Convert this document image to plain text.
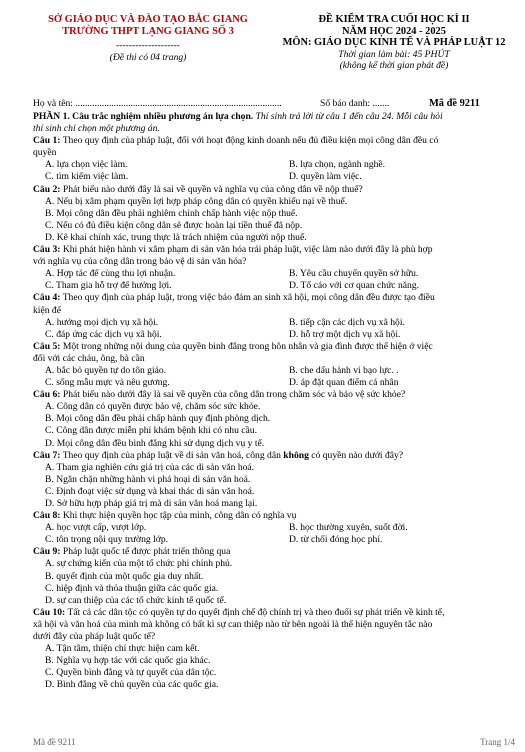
SỞ GIÁO DỤC VÀ ĐÀO TẠO BẮC GIANG
TRƯỜNG THPT LẠNG GIANG SỐ 3
--------------------
(Đề thi có 04 trang)
ĐỀ KIỂM TRA CUỐI HỌC KÌ II
NĂM HỌC 2024 - 2025
MÔN: GIÁO DỤC KINH TẾ VÀ PHÁP LUẬT 12
Thời gian làm bài: 45 PHÚT
(không kể thời gian phát đề)
Họ và tên: ......................................................................................	Số báo danh: .......	Mã đề 9211
PHẦN 1. Câu trắc nghiệm nhiều phương án lựa chọn. Thí sinh trả lời từ câu 1 đến câu 24. Mỗi câu hỏi
thí sinh chỉ chọn một phương án.
Câu 1: Theo quy định của pháp luật, đối với hoạt động kinh doanh nếu đủ điều kiện mọi công dân đều có
quyền
A. lựa chọn việc làm.	B. lựa chọn, ngành nghề.
C. tìm kiếm việc làm.	D. quyền làm việc.
Câu 2: Phát biểu nào dưới đây là sai về quyền và nghĩa vụ của công dân về nộp thuế?
A. Nếu bị xâm phạm quyền lợi hợp pháp công dân có quyền khiếu nại về thuế.
B. Mọi công dân đều phải nghiêm chỉnh chấp hành việc nộp thuế.
C. Nếu có đủ điều kiện công dân sẽ được hoàn lại tiền thuế đã nộp.
D. Kê khai chính xác, trung thực là trách nhiệm của người nộp thuế.
Câu 3: Khi phát hiện hành vi xâm phạm di sản văn hóa trái pháp luật, việc làm nào dưới đây là phù hợp
với nghĩa vụ của công dân trong bảo vệ di sản văn hóa?
A. Hợp tác để cùng thu lợi nhuận.	B. Yêu cầu chuyển quyền sở hữu.
C. Tham gia hỗ trợ để hưởng lợi.	D. Tố cáo với cơ quan chức năng.
Câu 4: Theo quy định của pháp luật, trong việc bảo đảm an sinh xã hội, mọi công dân đều được tạo điều
kiện để
A. hưởng mọi dịch vụ xã hội.	B. tiếp cận các dịch vụ xã hội.
C. đáp ứng các dịch vụ xã hội.	D. hỗ trợ một dịch vụ xã hội.
Câu 5: Một trong những nội dung của quyền bình đẳng trong hôn nhân và gia đình được thể hiện ở việc
đối với các cháu, ông, bà cần
A. bắc bỏ quyền tự do tôn giáo.	B. che dấu hành vi bạo lực. .
C. sống mẫu mực và nêu gương.	D. áp đặt quan điểm cá nhân
Câu 6: Phát biểu nào dưới đây là sai về quyền của công dân trong chăm sóc và bảo vệ sức khỏe?
A. Công dân có quyền được bảo vệ, chăm sóc sức khỏe.
B. Mọi công dân đều phải chấp hành quy định phòng dịch.
C. Công dân được miễn phí khám bệnh khi có nhu cầu.
D. Mọi công dân đều bình đẳng khi sử dụng dịch vụ y tế.
Câu 7: Theo quy định của pháp luật về di sản văn hoá, công dân không có quyền nào dưới đây?
A. Tham gia nghiên cứu giá trị của các di sản văn hoá.
B. Ngăn chặn những hành vi phá hoại di sản văn hoá.
C. Định đoạt việc sử dụng và khai thác di sản văn hoá.
D. Sở hữu hợp pháp giá trị mà di sản văn hoá mang lại.
Câu 8: Khi thực hiện quyền học tập của mình, công dân có nghĩa vụ
A. học vượt cấp, vượt lớp.	B. học thường xuyên, suốt đời.
C. tôn trọng nội quy trường lớp.	D. từ chối đóng học phí.
Câu 9: Pháp luật quốc tế được phát triển thông qua
A. sự chứng kiến của một tổ chức phi chính phủ.
B. quyết định của một quốc gia duy nhất.
C. hiệp định và thỏa thuận giữa các quốc gia.
D. sự can thiệp của các tổ chức kinh tế quốc tế.
Câu 10: Tất cả các dân tộc có quyền tự do quyết định chế độ chính trị và theo đuổi sự phát triển về kinh tế,
xã hội và văn hoá của mình mà không có bất kì sự can thiệp nào từ bên ngoài là thể hiện nguyên tắc nào
dưới đây của pháp luật quốc tế?
A. Tận tâm, thiện chí thực hiện cam kết.
B. Nghĩa vụ hợp tác với các quốc gia khác.
C. Quyền bình đẳng và tự quyết của dân tộc.
D. Bình đẳng về chủ quyền của các quốc gia.
Mã đề 9211	Trang 1/4
